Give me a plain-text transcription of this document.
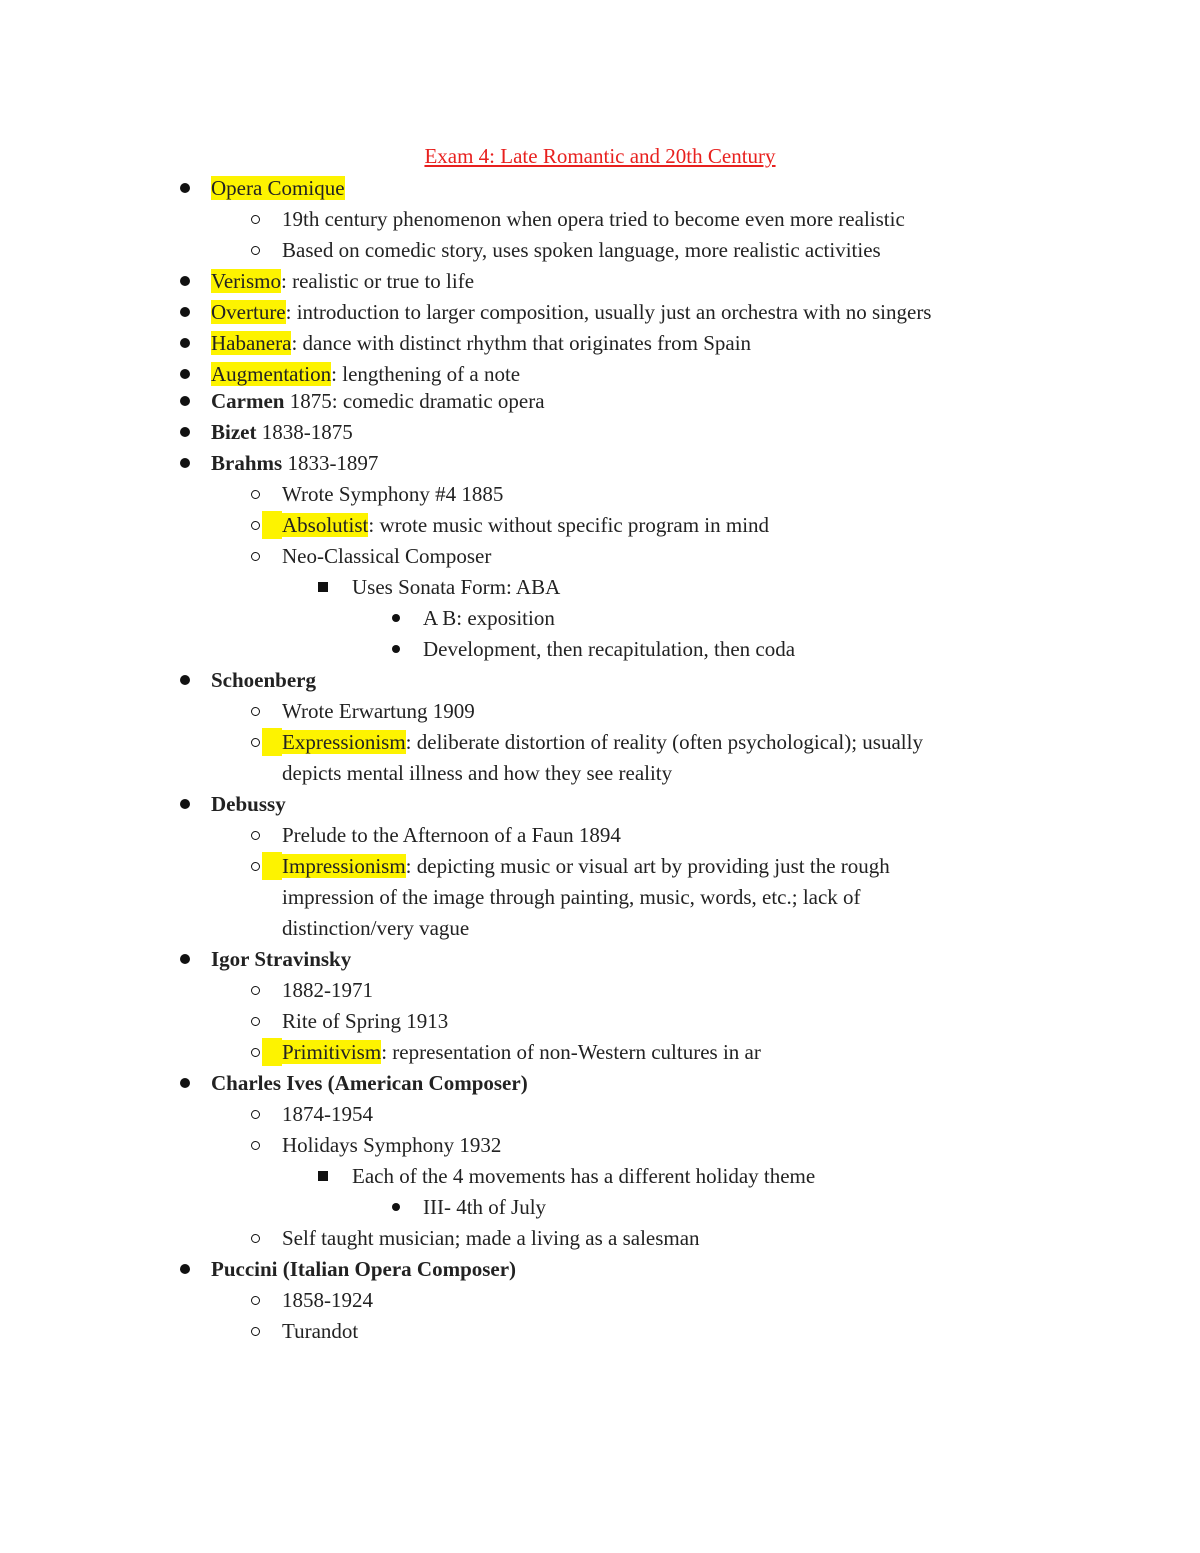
Exam 4: Late Romantic and 20th Century
Opera Comique
19th century phenomenon when opera tried to become even more realistic
Based on comedic story, uses spoken language, more realistic activities
Verismo: realistic or true to life
Overture: introduction to larger composition, usually just an orchestra with no singers
Habanera: dance with distinct rhythm that originates from Spain
Augmentation: lengthening of a note
Carmen 1875: comedic dramatic opera
Bizet 1838-1875
Brahms 1833-1897
Wrote Symphony #4 1885
Absolutist: wrote music without specific program in mind
Neo-Classical Composer
Uses Sonata Form: ABA
A B: exposition
Development, then recapitulation, then coda
Schoenberg
Wrote Erwartung 1909
Expressionism: deliberate distortion of reality (often psychological); usually
depicts mental illness and how they see reality
Debussy
Prelude to the Afternoon of a Faun 1894
Impressionism: depicting music or visual art by providing just the rough
impression of the image through painting, music, words, etc.; lack of
distinction/very vague
Igor Stravinsky
1882-1971
Rite of Spring 1913
Primitivism: representation of non-Western cultures in ar
Charles Ives (American Composer)
1874-1954
Holidays Symphony 1932
Each of the 4 movements has a different holiday theme
III- 4th of July
Self taught musician; made a living as a salesman
Puccini (Italian Opera Composer)
1858-1924
Turandot
